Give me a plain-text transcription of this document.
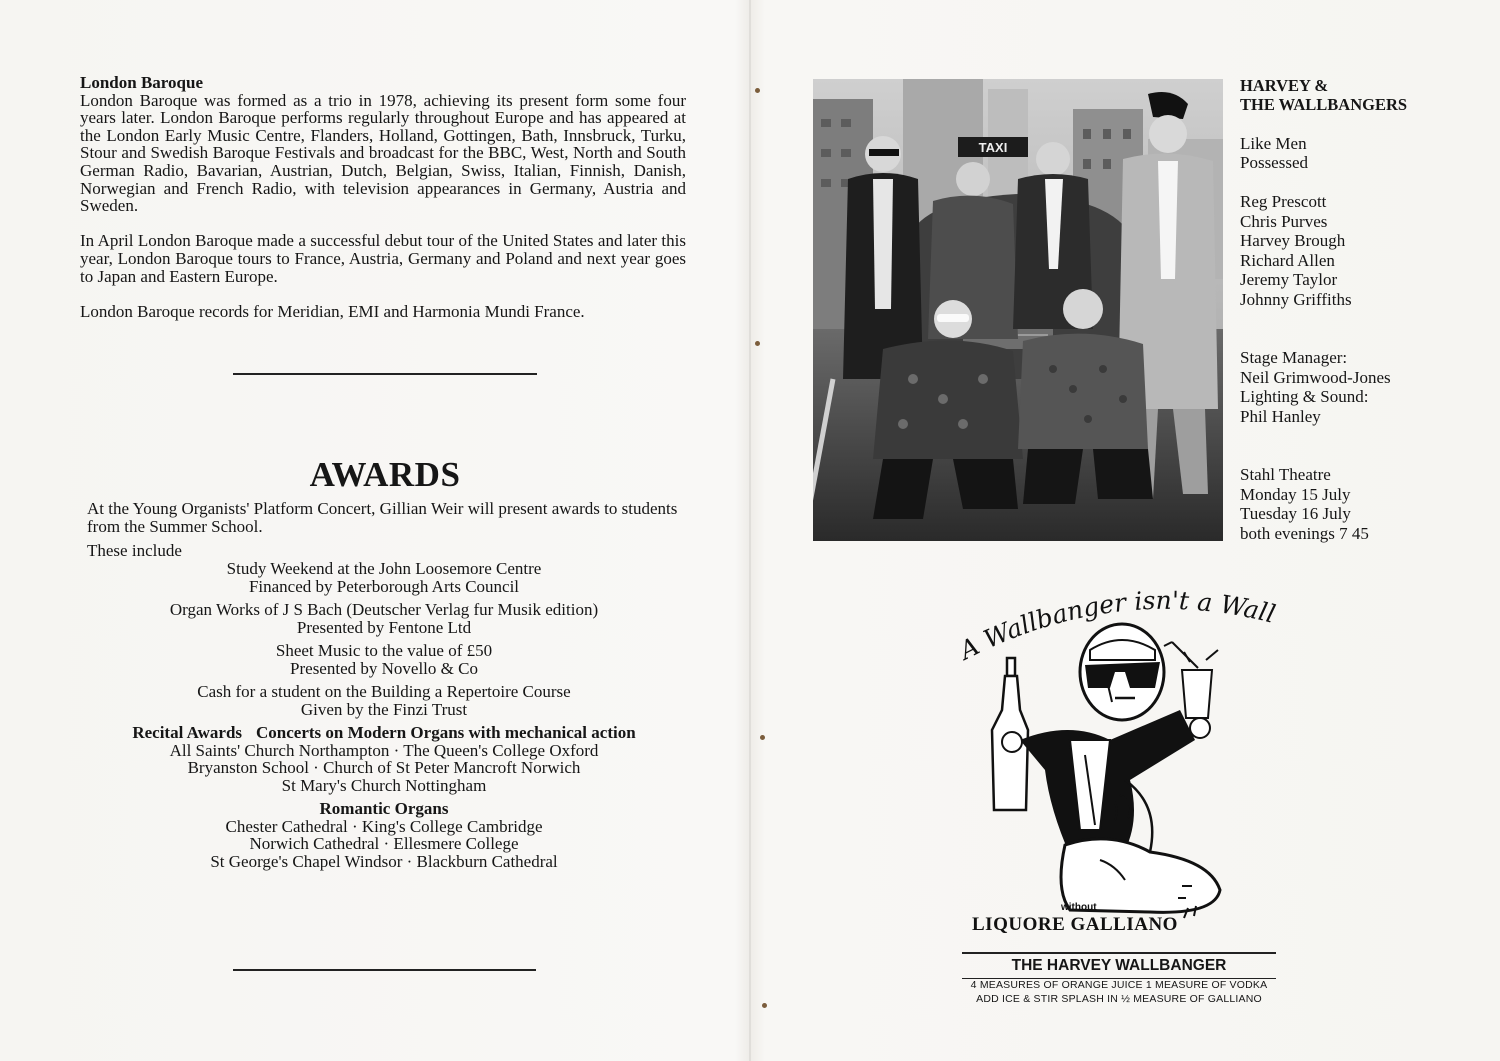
London Baroque

London Baroque was formed as a trio in 1978, achieving its present form some four years later. London Baroque performs regularly throughout Europe and has appeared at the London Early Music Centre, Flanders, Holland, Gottingen, Bath, Innsbruck, Turku, Stour and Swedish Baroque Festivals and broadcast for the BBC, West, North and South German Radio, Bavarian, Austrian, Dutch, Belgian, Swiss, Italian, Finnish, Danish, Norwegian and French Radio, with television appearances in Germany, Austria and Sweden.

In April London Baroque made a successful debut tour of the United States and later this year, London Baroque tours to France, Austria, Germany and Poland and next year goes to Japan and Eastern Europe.

London Baroque records for Meridian, EMI and Harmonia Mundi France.

AWARDS

At the Young Organists' Platform Concert, Gillian Weir will present awards to students from the Summer School.

These include
Study Weekend at the John Loosemore Centre
Financed by Peterborough Arts Council
Organ Works of J S Bach (Deutscher Verlag fur Musik edition)
Presented by Fentone Ltd
Sheet Music to the value of £50
Presented by Novello & Co
Cash for a student on the Building a Repertoire Course
Given by the Finzi Trust
Recital Awards Concerts on Modern Organs with mechanical action
All Saints' Church Northampton · The Queen's College Oxford
Bryanston School · Church of St Peter Mancroft Norwich
St Mary's Church Nottingham
Romantic Organs
Chester Cathedral · King's College Cambridge
Norwich Cathedral · Ellesmere College
St George's Chapel Windsor · Blackburn Cathedral
TAXI
HARVEY &
THE WALLBANGERS
Like Men
Possessed
Reg Prescott
Chris Purves
Harvey Brough
Richard Allen
Jeremy Taylor
Johnny Griffiths
Stage Manager:
Neil Grimwood-Jones
Lighting & Sound:
Phil Hanley
Stahl Theatre
Monday 15 July
Tuesday 16 July
both evenings 7 45
A Wallbanger isn't a Wall
without
LIQUORE GALLIANO
THE HARVEY WALLBANGER
4 MEASURES OF ORANGE JUICE 1 MEASURE OF VODKA
ADD ICE & STIR SPLASH IN ½ MEASURE OF GALLIANO
